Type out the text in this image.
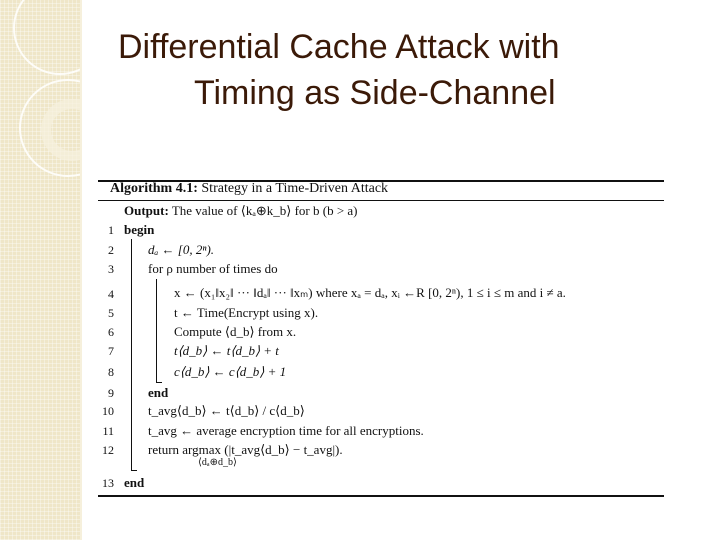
Differential Cache Attack with
Timing as Side-Channel
Algorithm 4.1: Strategy in a Time-Driven Attack
Output: The value of ⟨kₐ⊕k_b⟩ for b (b > a)
1
2
3
4
5
6
7
8
9
10
11
12
13
begin
dₐ ← [0, 2ⁿ).
for ρ number of times do
x ← (x₁‖x₂‖ ··· ‖dₐ‖ ··· ‖xₘ) where xₐ = dₐ, xᵢ ←R [0, 2ⁿ), 1 ≤ i ≤ m and i ≠ a.
t ← Time(Encrypt using x).
Compute ⟨d_b⟩ from x.
t⟨d_b⟩ ← t⟨d_b⟩ + t
c⟨d_b⟩ ← c⟨d_b⟩ + 1
end
t_avg⟨d_b⟩ ← t⟨d_b⟩ / c⟨d_b⟩
t_avg ← average encryption time for all encryptions.
return argmax (|t_avg⟨d_b⟩ − t_avg|).
⟨dₐ⊕d_b⟩
end
